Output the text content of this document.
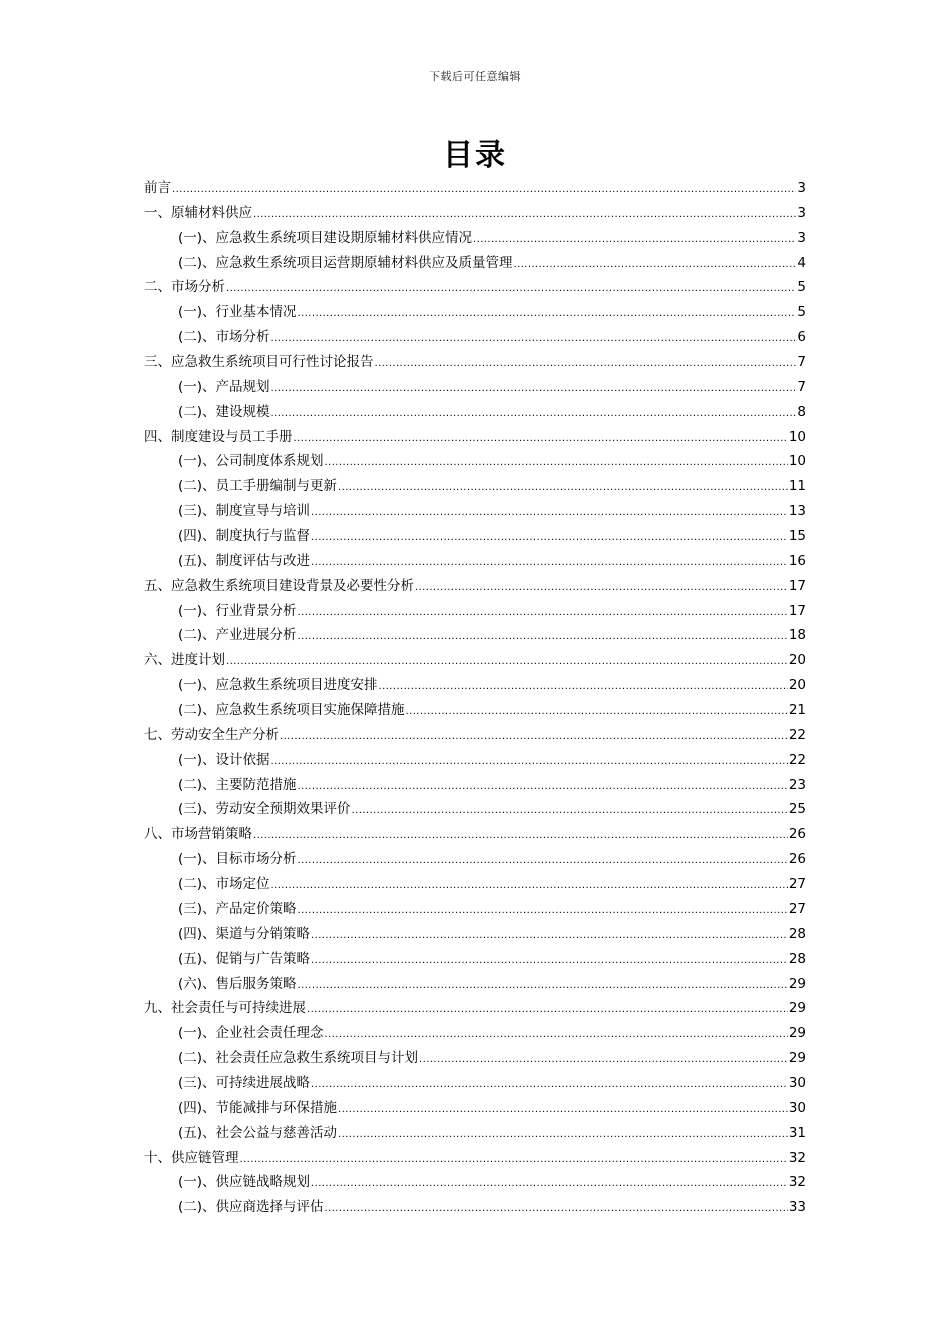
下载后可任意编辑
目录
前言 .....	3
一、原辅材料供应 .....	3
(一)、应急救生系统项目建设期原辅材料供应情况 .....	3
(二)、应急救生系统项目运营期原辅材料供应及质量管理 .....	4
二、市场分析 .....	5
(一)、行业基本情况 .....	5
(二)、市场分析 .....	6
三、应急救生系统项目可行性讨论报告 .....	7
(一)、产品规划 .....	7
(二)、建设规模 .....	8
四、制度建设与员工手册 .....	10
(一)、公司制度体系规划 .....	10
(二)、员工手册编制与更新 .....	11
(三)、制度宣导与培训 .....	13
(四)、制度执行与监督 .....	15
(五)、制度评估与改进 .....	16
五、应急救生系统项目建设背景及必要性分析 .....	17
(一)、行业背景分析 .....	17
(二)、产业进展分析 .....	18
六、进度计划 .....	20
(一)、应急救生系统项目进度安排 .....	20
(二)、应急救生系统项目实施保障措施 .....	21
七、劳动安全生产分析 .....	22
(一)、设计依据 .....	22
(二)、主要防范措施 .....	23
(三)、劳动安全预期效果评价 .....	25
八、市场营销策略 .....	26
(一)、目标市场分析 .....	26
(二)、市场定位 .....	27
(三)、产品定价策略 .....	27
(四)、渠道与分销策略 .....	28
(五)、促销与广告策略 .....	28
(六)、售后服务策略 .....	29
九、社会责任与可持续进展 .....	29
(一)、企业社会责任理念 .....	29
(二)、社会责任应急救生系统项目与计划 .....	29
(三)、可持续进展战略 .....	30
(四)、节能减排与环保措施 .....	30
(五)、社会公益与慈善活动 .....	31
十、供应链管理 .....	32
(一)、供应链战略规划 .....	32
(二)、供应商选择与评估 .....	33
